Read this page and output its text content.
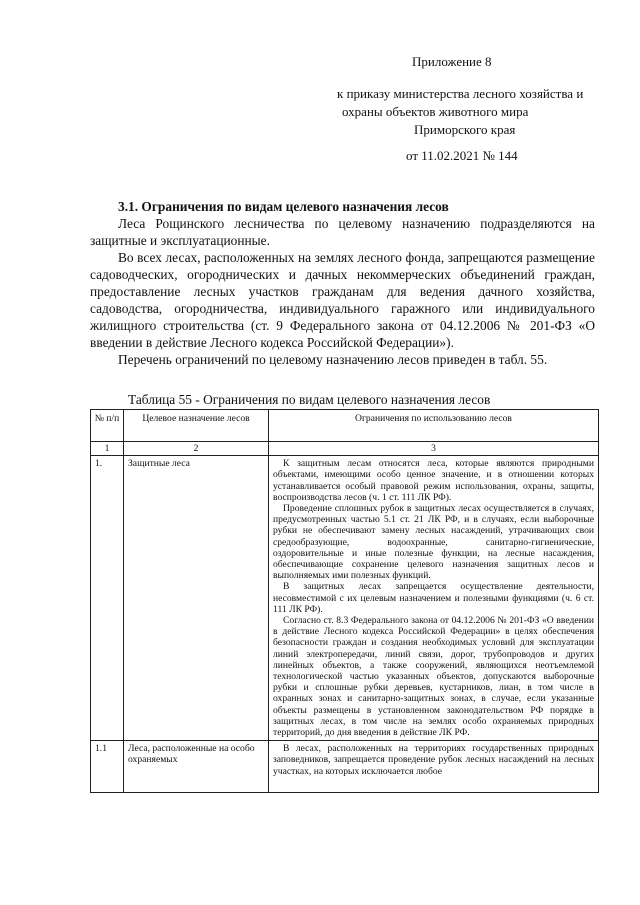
Приложение 8
к приказу министерства лесного хозяйства и
охраны объектов животного мира
Приморского края
от 11.02.2021 № 144
3.1. Ограничения по видам целевого назначения лесов

Леса Рощинского лесничества по целевому назначению подразделяются на защитные и эксплуатационные.

Во всех лесах, расположенных на землях лесного фонда, запрещаются размещение садоводческих, огороднических и дачных некоммерческих объединений граждан, предоставление лесных участков гражданам для ведения дачного хозяйства, садоводства, огородничества, индивидуального гаражного или индивидуального жилищного строительства (ст. 9 Федерального закона от 04.12.2006 № 201-ФЗ «О введении в действие Лесного кодекса Российской Федерации»).

Перечень ограничений по целевому назначению лесов приведен в табл. 55.

Таблица 55 - Ограничения по видам целевого назначения лесов
№ п/п	Целевое назначение лесов	Ограничения по использованию лесов
1	2	3
1.	Защитные леса	К защитным лесам относятся леса, которые являются природными объектами, имеющими особо ценное значение, и в отношении которых устанавливается особый правовой режим использования, охраны, защиты, воспроизводства лесов (ч. 1 ст. 111 ЛК РФ).

Проведение сплошных рубок в защитных лесах осуществляется в случаях, предусмотренных частью 5.1 ст. 21 ЛК РФ, и в случаях, если выборочные рубки не обеспечивают замену лесных насаждений, утрачивающих свои средообразующие, водоохранные, санитарно-гигиенические, оздоровительные и иные полезные функции, на лесные насаждения, обеспечивающие сохранение целевого назначения защитных лесов и выполняемых ими полезных функций.

В защитных лесах запрещается осуществление деятельности, несовместимой с их целевым назначением и полезными функциями (ч. 6 ст. 111 ЛК РФ).

Согласно ст. 8.3 Федерального закона от 04.12.2006 № 201-ФЗ «О введении в действие Лесного кодекса Российской Федерации» в целях обеспечения безопасности граждан и создания необходимых условий для эксплуатации линий электропередачи, линий связи, дорог, трубопроводов и других линейных объектов, а также сооружений, являющихся неотъемлемой технологической частью указанных объектов, допускаются выборочные рубки и сплошные рубки деревьев, кустарников, лиан, в том числе в охранных зонах и санитарно-защитных зонах, в случае, если указанные объекты размещены в установленном законодательством РФ порядке в защитных лесах, в том числе на землях особо охраняемых природных территорий, до дня введения в действие ЛК РФ.

1.1	Леса, расположенные на особо охраняемых	В лесах, расположенных на территориях государственных природных заповедников, запрещается проведение рубок лесных насаждений на лесных участках, на которых исключается любое
